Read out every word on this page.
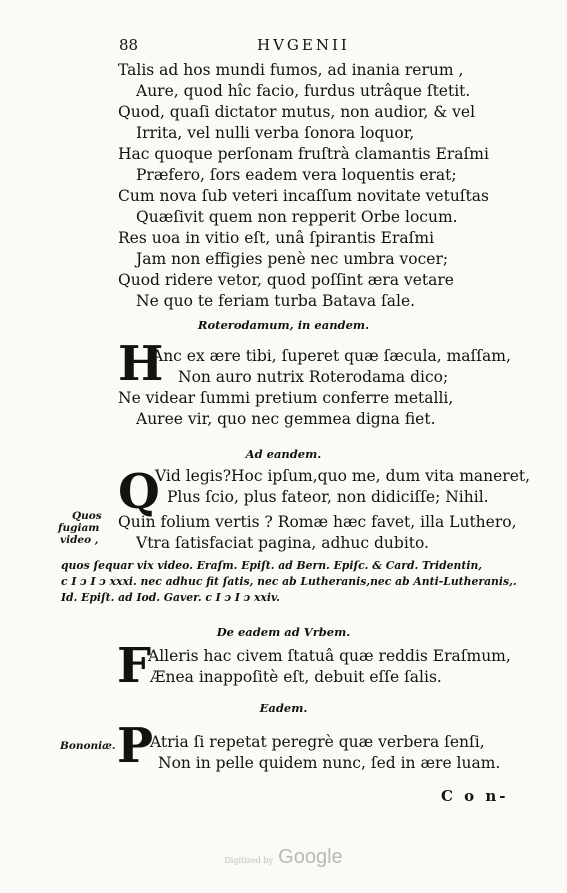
88	HVGENII
Talis ad hos mundi fumos, ad inania rerum ,
Aure, quod hîc facio, furdus utrâque ſtetit.
Quod, quaſi dictator mutus, non audior, & vel
Irrita, vel nulli verba ſonora loquor,
Hac quoque perſonam fruſtrà clamantis Eraſmi
Præfero, ſors eadem vera loquentis erat;
Cum nova ſub veteri incaſſum novitate vetuſtas
Quæſivit quem non repperit Orbe locum.
Res uoa in vitio eſt, unâ ſpirantis Eraſmi
Jam non effigies penè nec umbra vocer;
Quod ridere vetor, quod poſſint æra vetare
Ne quo te feriam turba Batava ſale.
Roterodamum, in eandem.
H
Anc ex ære tibi, ſuperet quæ ſæcula, maſſam,
Non auro nutrix Roterodama dico;
Ne videar ſummi pretium conferre metalli,
Auree vir, quo nec gemmea digna fiet.
Ad eandem.
Q
Vid legis?Hoc ipſum,quo me, dum vita maneret,
Plus ſcio, plus fateor, non didiciſſe; Nihil.
Quin folium vertis ? Romæ hæc favet, illa Luthero,
Vtra ſatisfaciat pagina, adhuc dubito.
Quos
fugiam
video ,
quos ſequar vix video. Eraſm. Epiſt. ad Bern. Epiſc. & Card. Tridentin,
c I ɔ I ɔ xxxi. nec adhuc fit ſatis, nec ab Lutheranis,nec ab Anti-Lutheranis,.
Id. Epiſt. ad Iod. Gaver. c I ɔ I ɔ xxiv.
De eadem ad Vrbem.
F
Alleris hac civem ſtatuâ quæ reddis Eraſmum,
Ænea inappoſitè eſt, debuit eſſe ſalis.
Eadem.
Bononiæ. P
Atria ſi repetat peregrè quæ verbera ſenſi,
Non in pelle quidem nunc, ſed in ære luam.
C o n-
Digitized by Google
